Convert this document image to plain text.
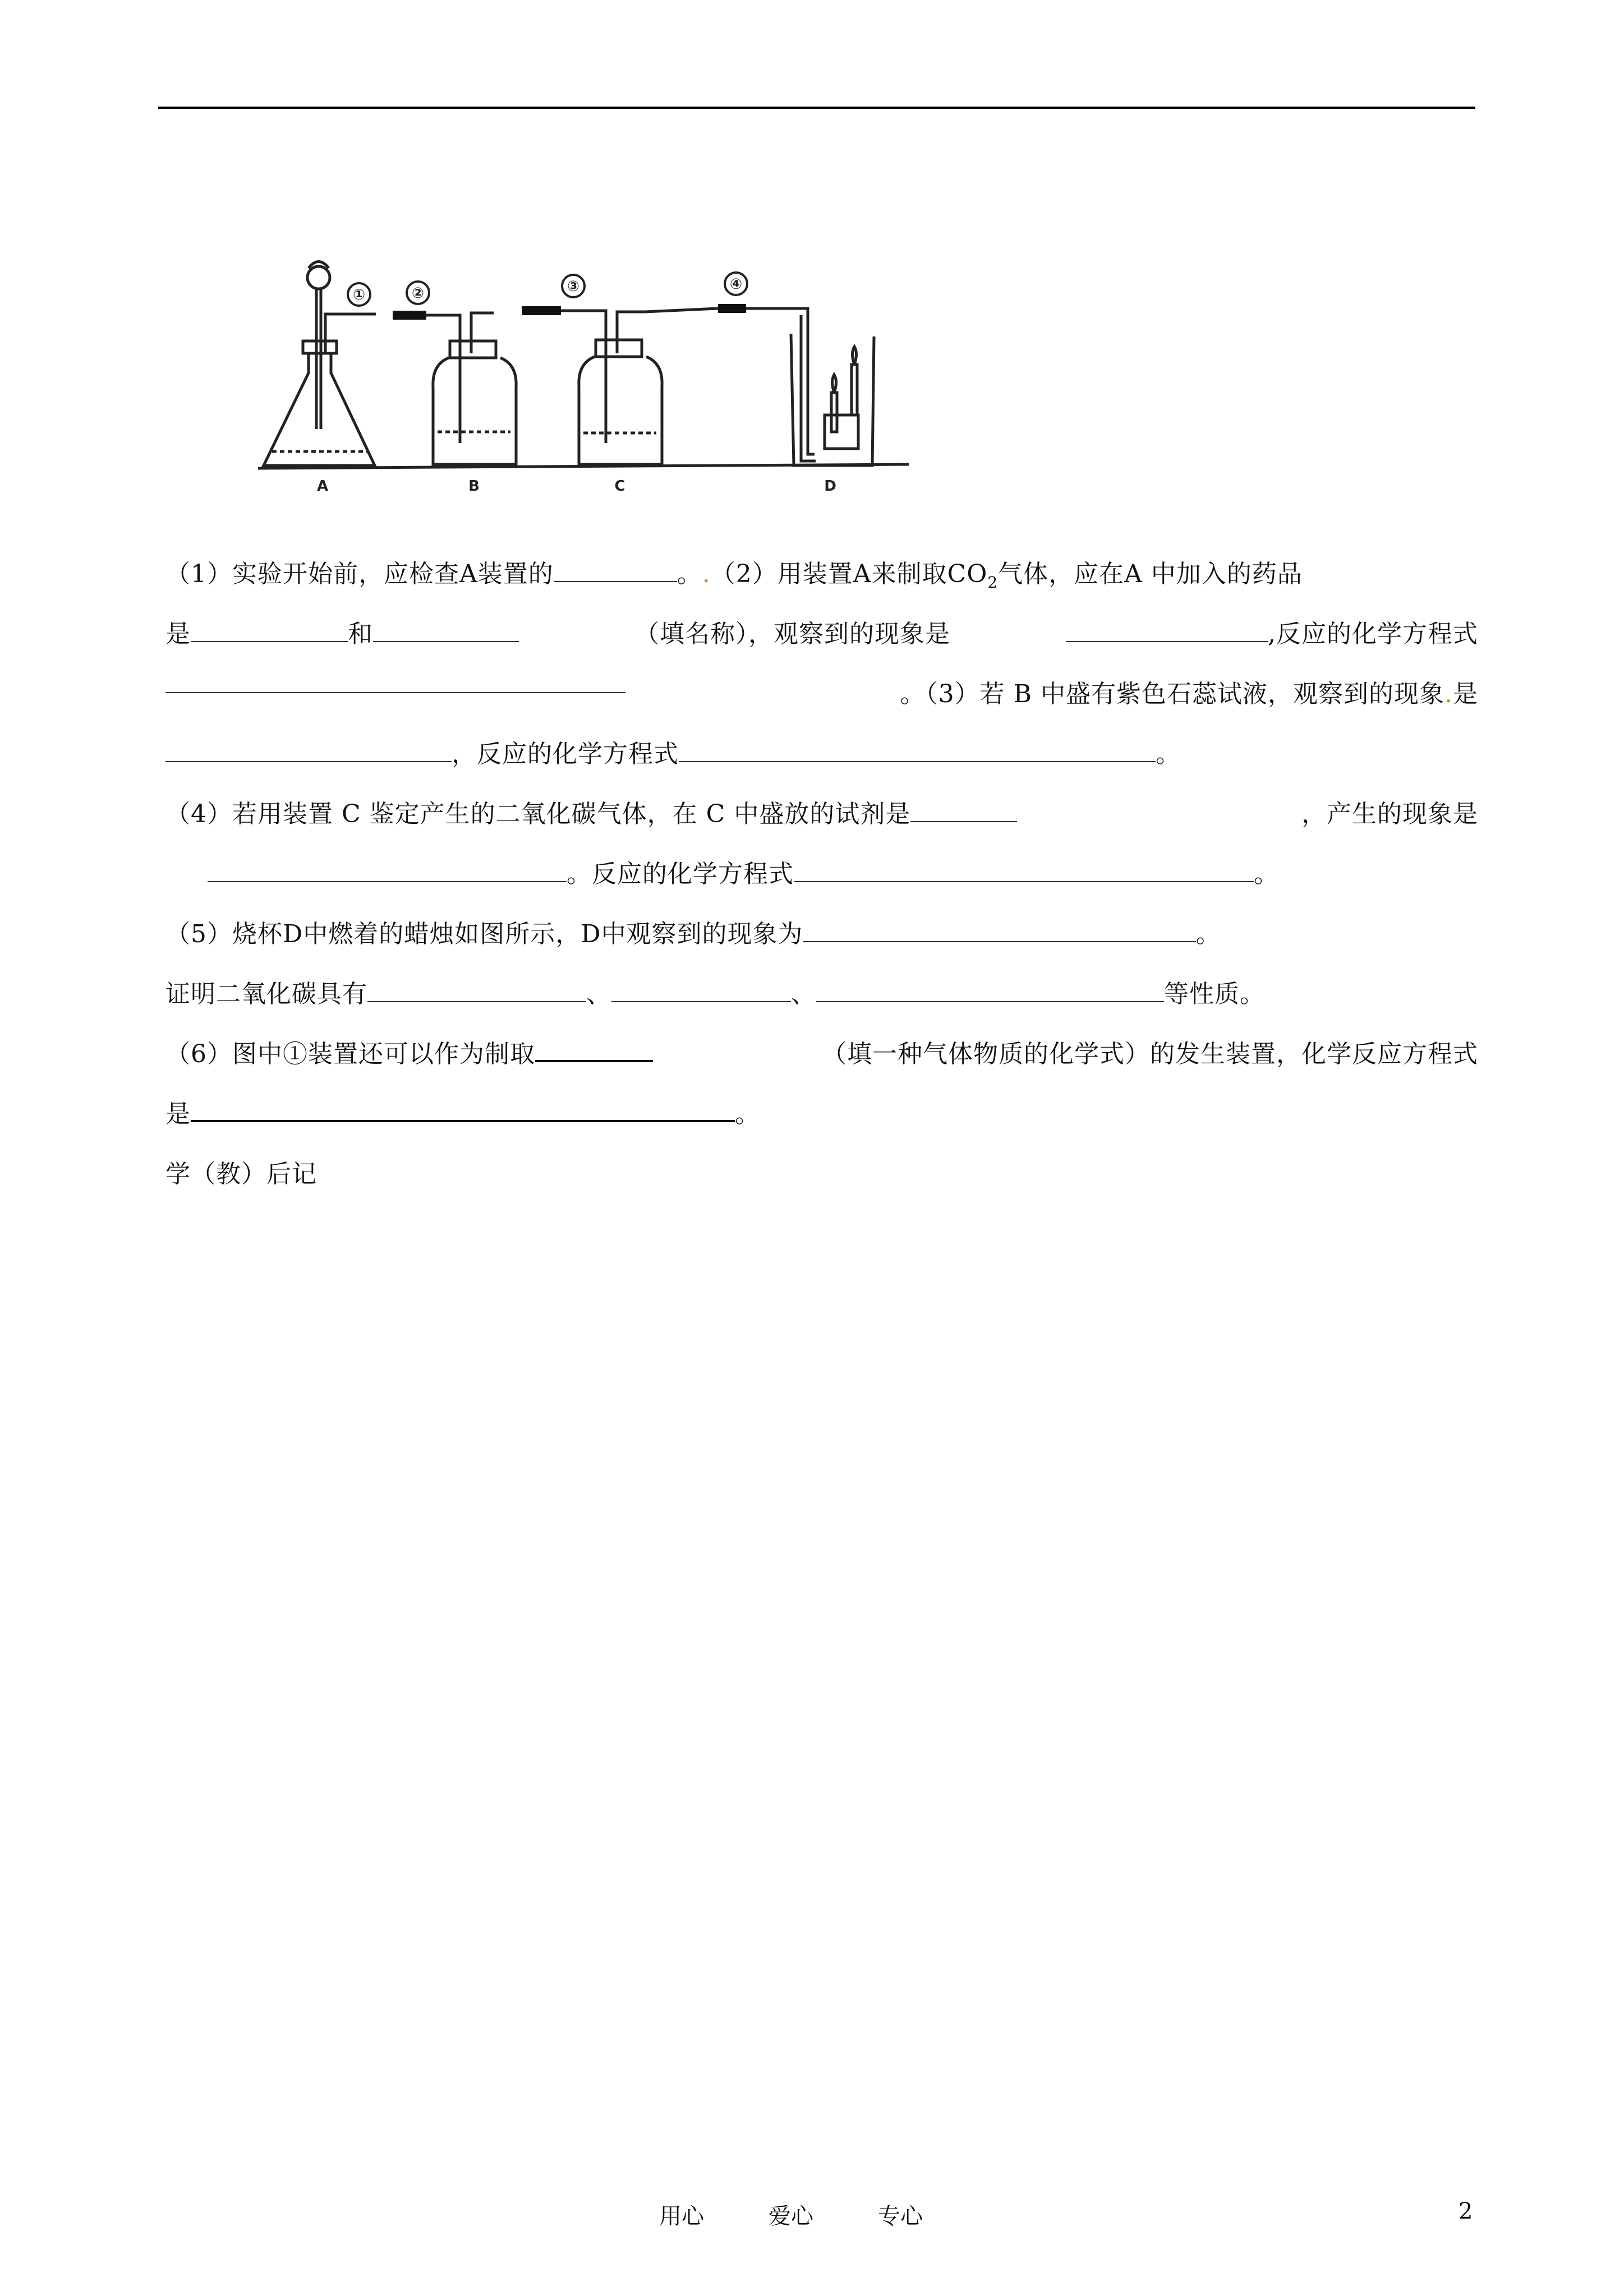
①	②	③	④
A	B	C	D
（1）实验开始前，应检查A装置的	。.（2）用装置A来制取$CO_2$气体，应在A 中加入的药品
是	和	（填名称），观察到的现象是	,反应的化学方程式
。（3）若 B 中盛有紫色石蕊试液，观察到的现象.是
，反应的化学方程式	。
（4）若用装置 C 鉴定产生的二氧化碳气体，在 C 中盛放的试剂是	，产生的现象是
。反应的化学方程式	。
（5）烧杯D中燃着的蜡烛如图所示，D中观察到的现象为	。
证明二氧化碳具有	、	、	等性质。
（6）图中①装置还可以作为制取	（填一种气体物质的化学式）的发生装置，化学反应方程式
是	。
学（教）后记
用心	爱心	专心	2
